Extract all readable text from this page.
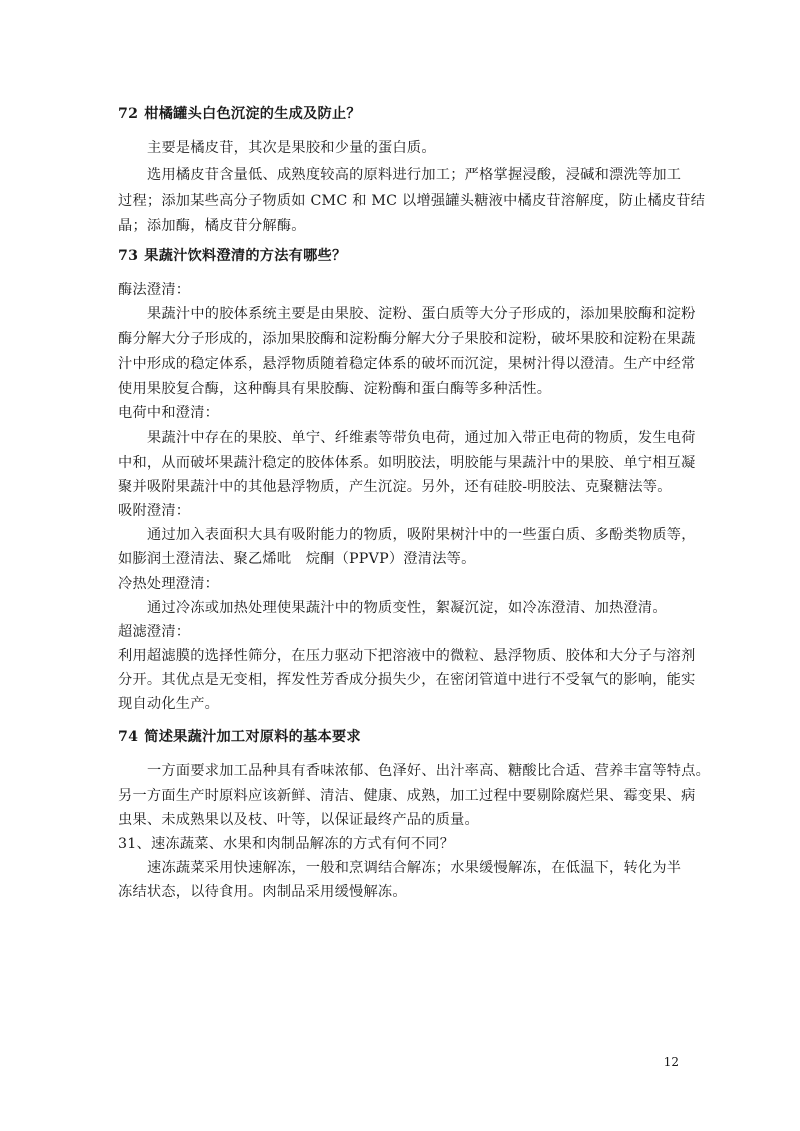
72 柑橘罐头白色沉淀的生成及防止？
主要是橘皮苷，其次是果胶和少量的蛋白质。
选用橘皮苷含量低、成熟度较高的原料进行加工；严格掌握浸酸，浸碱和漂洗等加工
过程；添加某些高分子物质如 CMC 和 MC 以增强罐头糖液中橘皮苷溶解度，防止橘皮苷结
晶；添加酶，橘皮苷分解酶。
73 果蔬汁饮料澄清的方法有哪些？
酶法澄清：
果蔬汁中的胶体系统主要是由果胶、淀粉、蛋白质等大分子形成的，添加果胶酶和淀粉
酶分解大分子形成的，添加果胶酶和淀粉酶分解大分子果胶和淀粉，破坏果胶和淀粉在果蔬
汁中形成的稳定体系，悬浮物质随着稳定体系的破坏而沉淀，果树汁得以澄清。生产中经常
使用果胶复合酶，这种酶具有果胶酶、淀粉酶和蛋白酶等多种活性。
电荷中和澄清：
果蔬汁中存在的果胶、单宁、纤维素等带负电荷，通过加入带正电荷的物质，发生电荷
中和，从而破坏果蔬汁稳定的胶体体系。如明胶法，明胶能与果蔬汁中的果胶、单宁相互凝
聚并吸附果蔬汁中的其他悬浮物质，产生沉淀。另外，还有硅胶-明胶法、克聚糖法等。
吸附澄清：
通过加入表面积大具有吸附能力的物质，吸附果树汁中的一些蛋白质、多酚类物质等，
如膨润土澄清法、聚乙烯吡　烷酮（PPVP）澄清法等。
冷热处理澄清：
通过冷冻或加热处理使果蔬汁中的物质变性，絮凝沉淀，如冷冻澄清、加热澄清。
超滤澄清：
利用超滤膜的选择性筛分，在压力驱动下把溶液中的微粒、悬浮物质、胶体和大分子与溶剂
分开。其优点是无变相，挥发性芳香成分损失少，在密闭管道中进行不受氧气的影响，能实
现自动化生产。
74 简述果蔬汁加工对原料的基本要求
一方面要求加工品种具有香味浓郁、色泽好、出汁率高、糖酸比合适、营养丰富等特点。
另一方面生产时原料应该新鲜、清洁、健康、成熟，加工过程中要剔除腐烂果、霉变果、病
虫果、未成熟果以及枝、叶等，以保证最终产品的质量。
31、速冻蔬菜、水果和肉制品解冻的方式有何不同？
速冻蔬菜采用快速解冻，一般和烹调结合解冻；水果缓慢解冻，在低温下，转化为半
冻结状态，以待食用。肉制品采用缓慢解冻。
12
